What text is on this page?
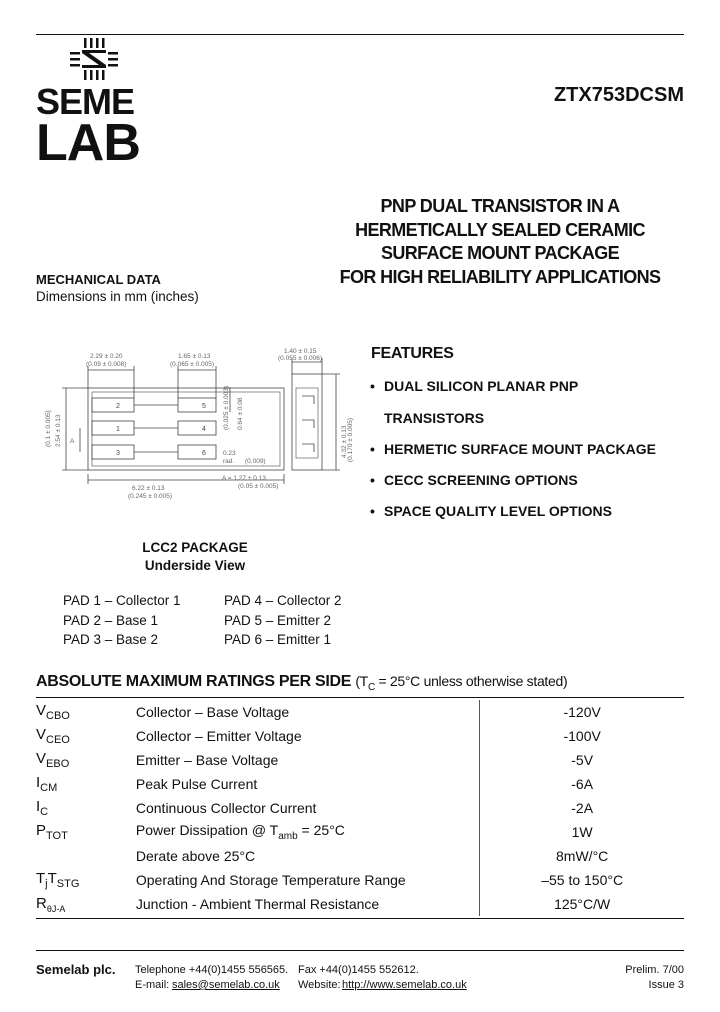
SEME
LAB
ZTX753DCSM
PNP DUAL TRANSISTOR IN A
HERMETICALLY SEALED CERAMIC
SURFACE MOUNT PACKAGE
FOR HIGH RELIABILITY APPLICATIONS
MECHANICAL DATA
Dimensions in mm (inches)
2.29 ± 0.20
(0.09 ± 0.008)
1.65 ± 0.13
(0.065 ± 0.005)
(0.025 ± 0.003) 0.64 ± 0.08
2.54 ± 0.13
(0.1 ± 0.005)	A
0.23
rad. (0.009)
A = 1.27 ± 0.13
(0.05 ± 0.005)
6.22 ± 0.13
(0.245 ± 0.005)
1.40 ± 0.15
(0.055 ± 0.006)
4.32 ± 0.13 (0.170 ± 0.005)
2
1
3
5
4
6
FEATURES
• DUAL SILICON PLANAR PNP
TRANSISTORS
• HERMETIC SURFACE MOUNT PACKAGE
• CECC SCREENING OPTIONS
• SPACE QUALITY LEVEL OPTIONS
LCC2 PACKAGE
Underside View
PAD 1 – Collector 1
PAD 2 – Base 1
PAD 3 – Base 2
PAD 4 – Collector 2
PAD 5 – Emitter 2
PAD 6 – Emitter 1
ABSOLUTE MAXIMUM RATINGS PER SIDE ($T_C = 25^\circ C$ unless otherwise stated)
$V_{CBO}$	Collector – Base Voltage	-120V
$V_{CEO}$	Collector – Emitter Voltage	-100V
$V_{EBO}$	Emitter – Base Voltage	-5V
$I_{CM}$	Peak Pulse Current	-6A
$I_C$	Continuous Collector Current	-2A
$P_{TOT}$	Power Dissipation @ $T_{amb} = 25^\circ C$	1W
	Derate above 25°C	8mW/°C
$T_jT_{STG}$	Operating And Storage Temperature Range	–55 to 150°C
$R_{\theta J-A}$	Junction - Ambient Thermal Resistance	125°C/W
Semelab plc. Telephone +44(0)1455 556565. Fax +44(0)1455 552612.
E-mail: sales@semelab.co.uk Website: http://www.semelab.co.uk
Prelim. 7/00
Issue 3
